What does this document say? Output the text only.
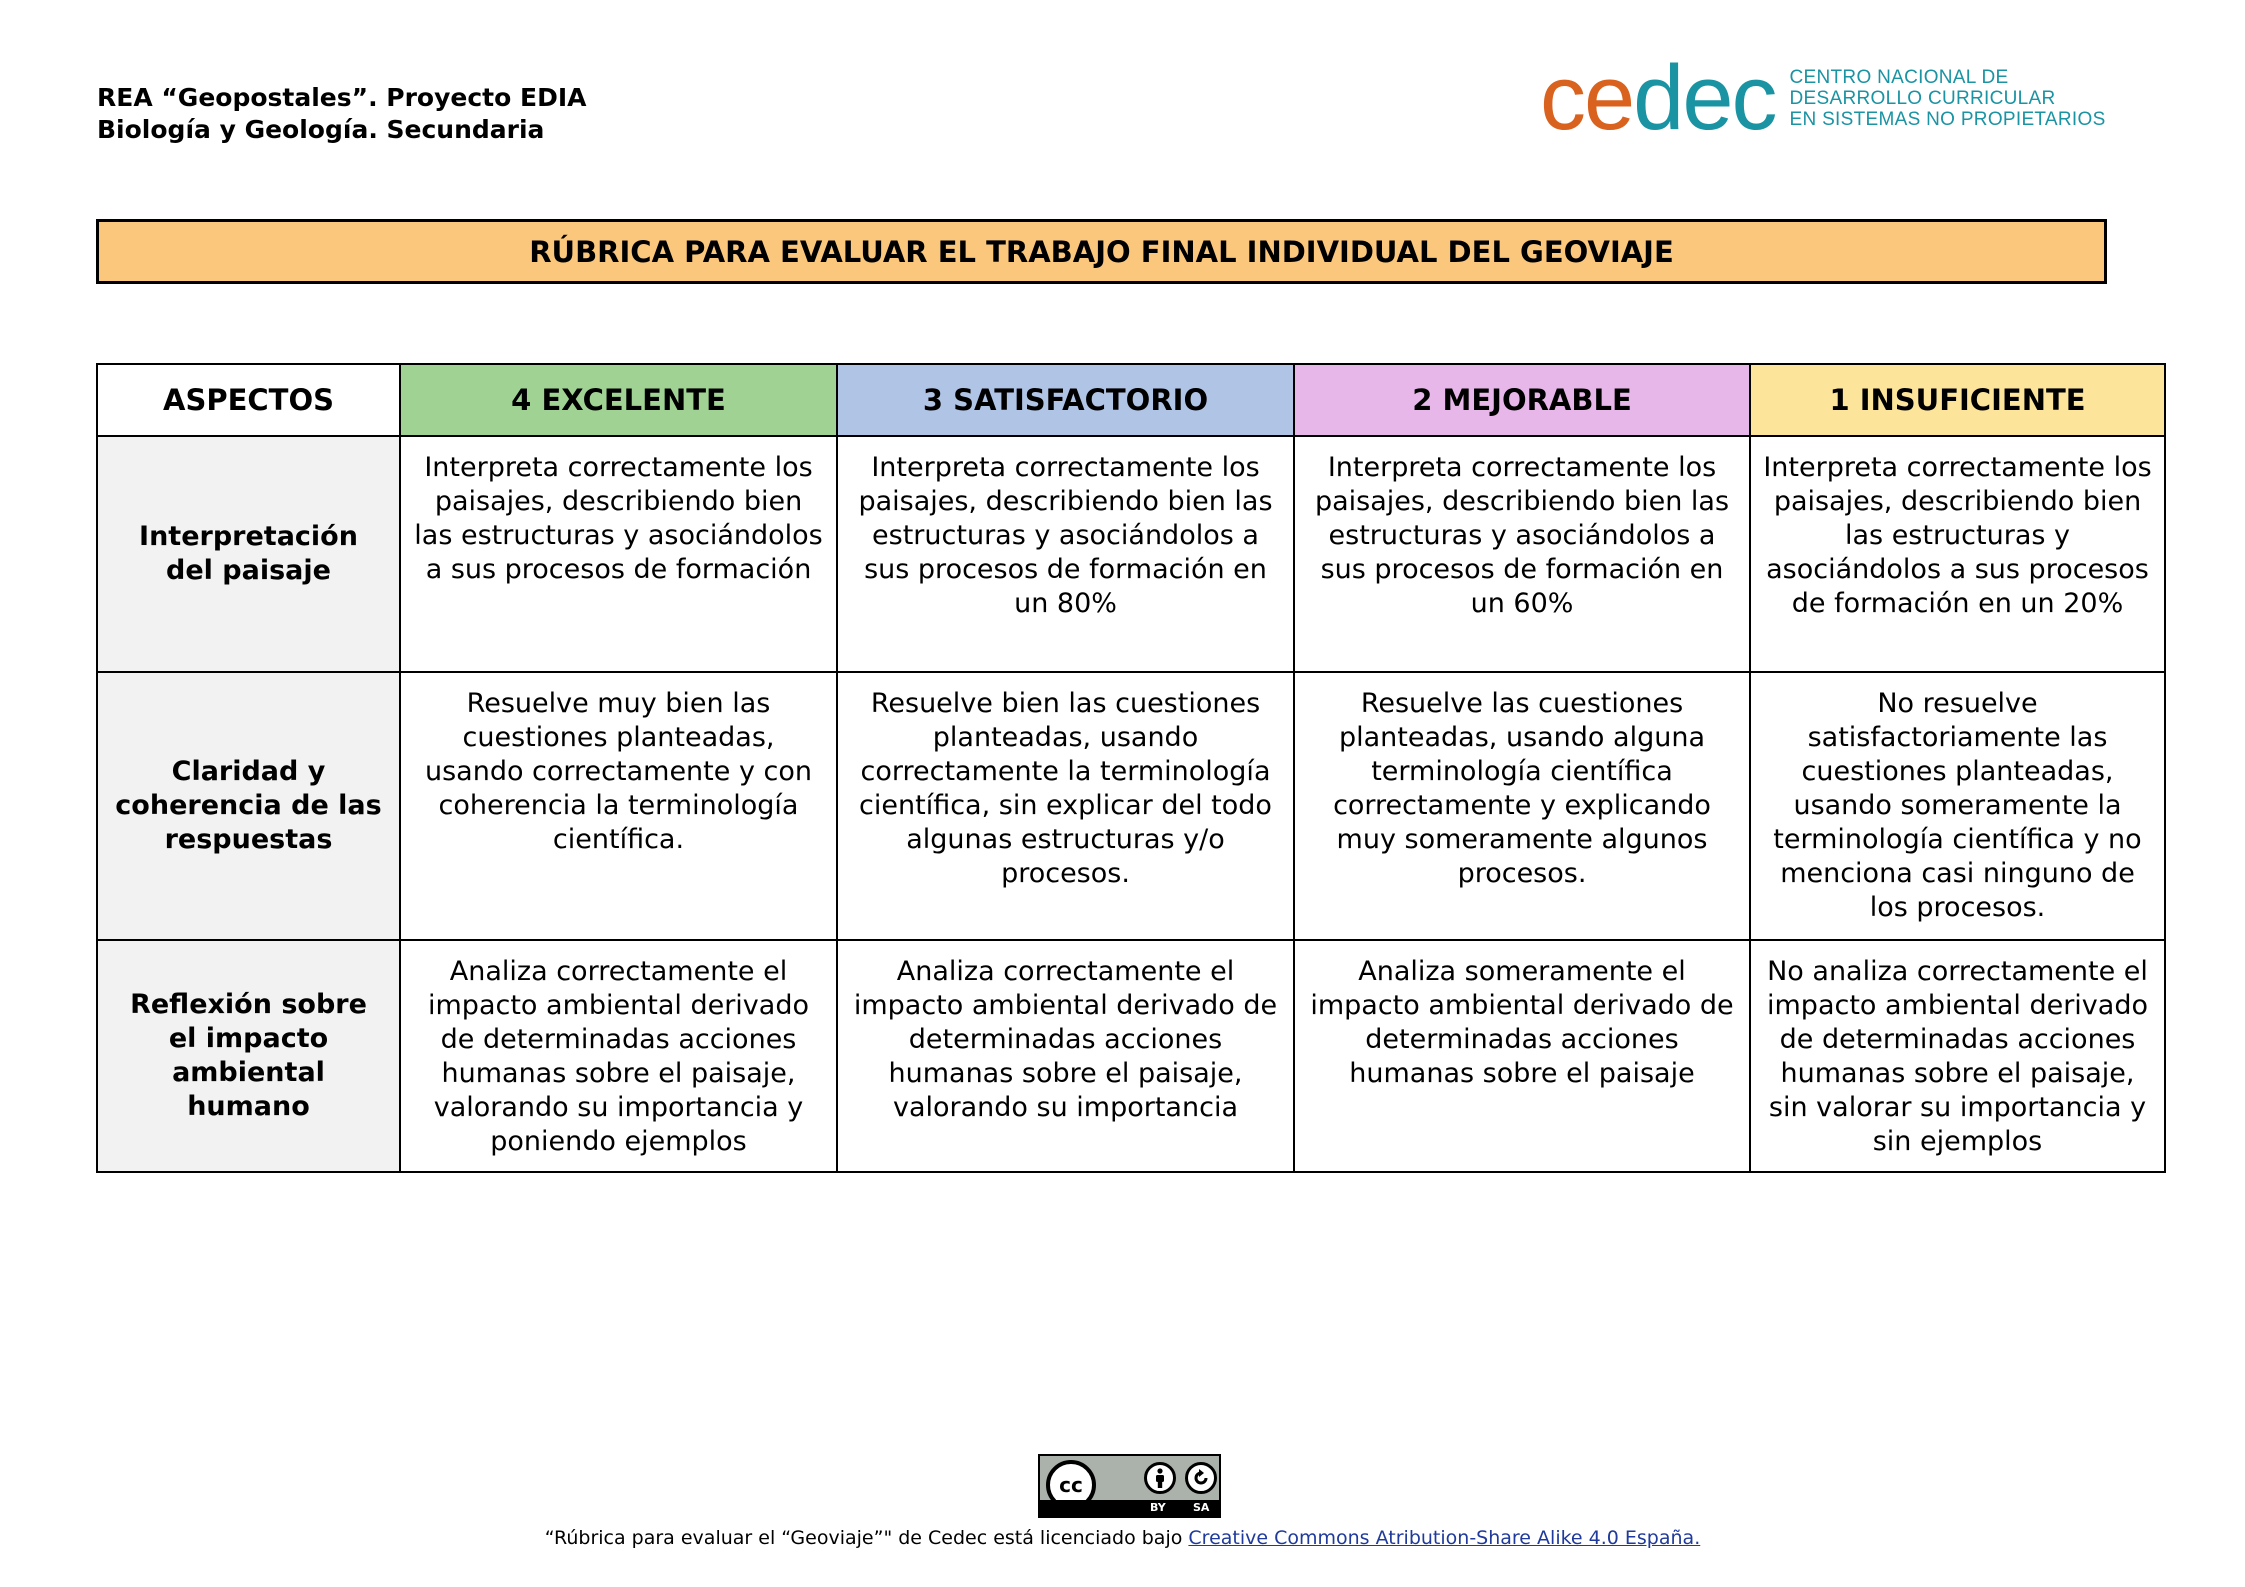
REA “Geopostales”. Proyecto EDIA
Biología y Geología. Secundaria	cedec CENTRO NACIONAL DE
DESARROLLO CURRICULAR
EN SISTEMAS NO PROPIETARIOS
RÚBRICA PARA EVALUAR EL TRABAJO FINAL INDIVIDUAL DEL GEOVIAJE
ASPECTOS	4 EXCELENTE	3 SATISFACTORIO	2 MEJORABLE	1 INSUFICIENTE
Interpretación del paisaje	Interpreta correctamente los paisajes, describiendo bien las estructuras y asociándolos a sus procesos de formación	Interpreta correctamente los paisajes, describiendo bien las estructuras y asociándolos a sus procesos de formación en un 80%	Interpreta correctamente los paisajes, describiendo bien las estructuras y asociándolos a sus procesos de formación en un 60%	Interpreta correctamente los paisajes, describiendo bien las estructuras y asociándolos a sus procesos de formación en un 20%
Claridad y coherencia de las respuestas	Resuelve muy bien las cuestiones planteadas, usando correctamente y con coherencia la terminología científica.	Resuelve bien las cuestiones planteadas, usando correctamente la terminología científica, sin explicar del todo algunas estructuras y/o procesos.	Resuelve las cuestiones planteadas, usando alguna terminología científica correctamente y explicando muy someramente algunos procesos.	No resuelve satisfactoriamente las cuestiones planteadas, usando someramente la terminología científica y no menciona casi ninguno de los procesos.
Reflexión sobre el impacto ambiental humano	Analiza correctamente el impacto ambiental derivado de determinadas acciones humanas sobre el paisaje, valorando su importancia y poniendo ejemplos	Analiza correctamente el impacto ambiental derivado de determinadas acciones humanas sobre el paisaje, valorando su importancia	Analiza someramente el impacto ambiental derivado de determinadas acciones humanas sobre el paisaje	No analiza correctamente el impacto ambiental derivado de determinadas acciones humanas sobre el paisaje, sin valorar su importancia y sin ejemplos
cc
BY SA
“Rúbrica para evaluar el “Geoviaje”" de Cedec está licenciado bajo Creative Commons Atribution-Share Alike 4.0 España.
